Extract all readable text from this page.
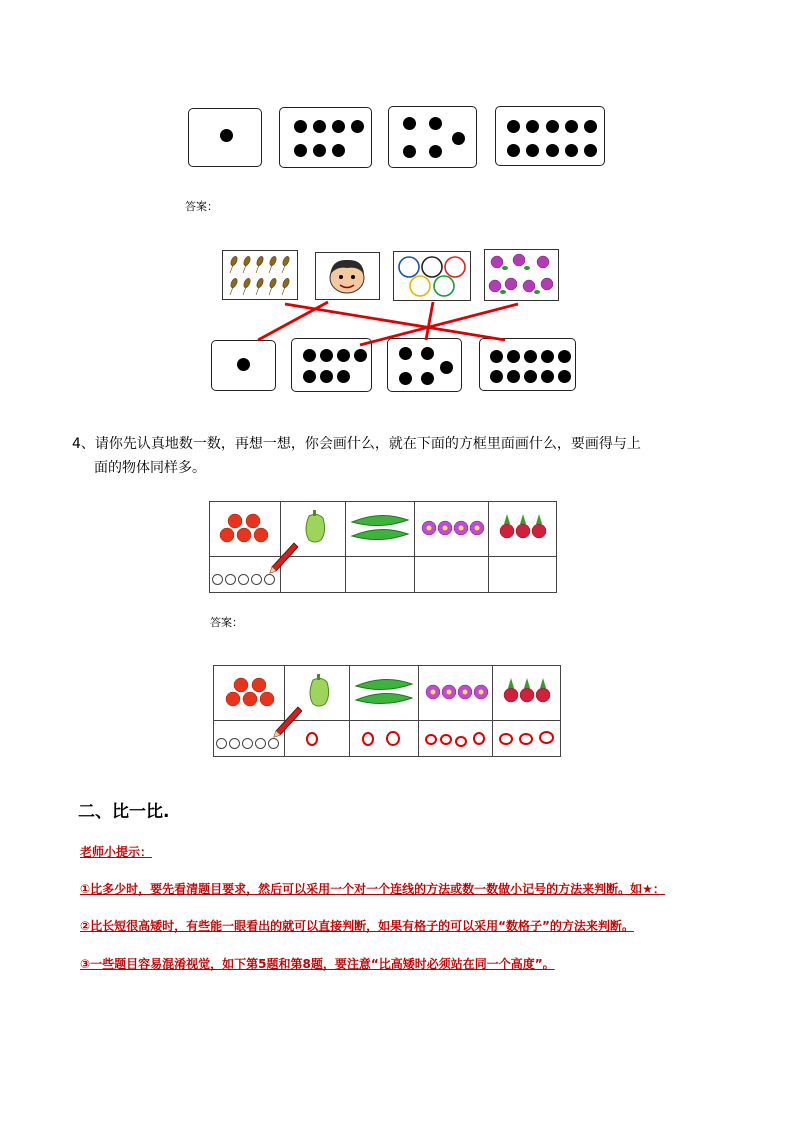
答案：
4、请你先认真地数一数，再想一想，你会画什么，就在下面的方框里面画什么，要画得与上
面的物体同样多。

答案：

二、比一比.
老师小提示：
①比多少时，要先看清题目要求，然后可以采用一个对一个连线的方法或数一数做小记号的方法来判断。如★：
②比长短很高矮时，有些能一眼看出的就可以直接判断，如果有格子的可以采用“数格子”的方法来判断。
③一些题目容易混淆视觉，如下第5题和第8题，要注意“比高矮时必须站在同一个高度”。
